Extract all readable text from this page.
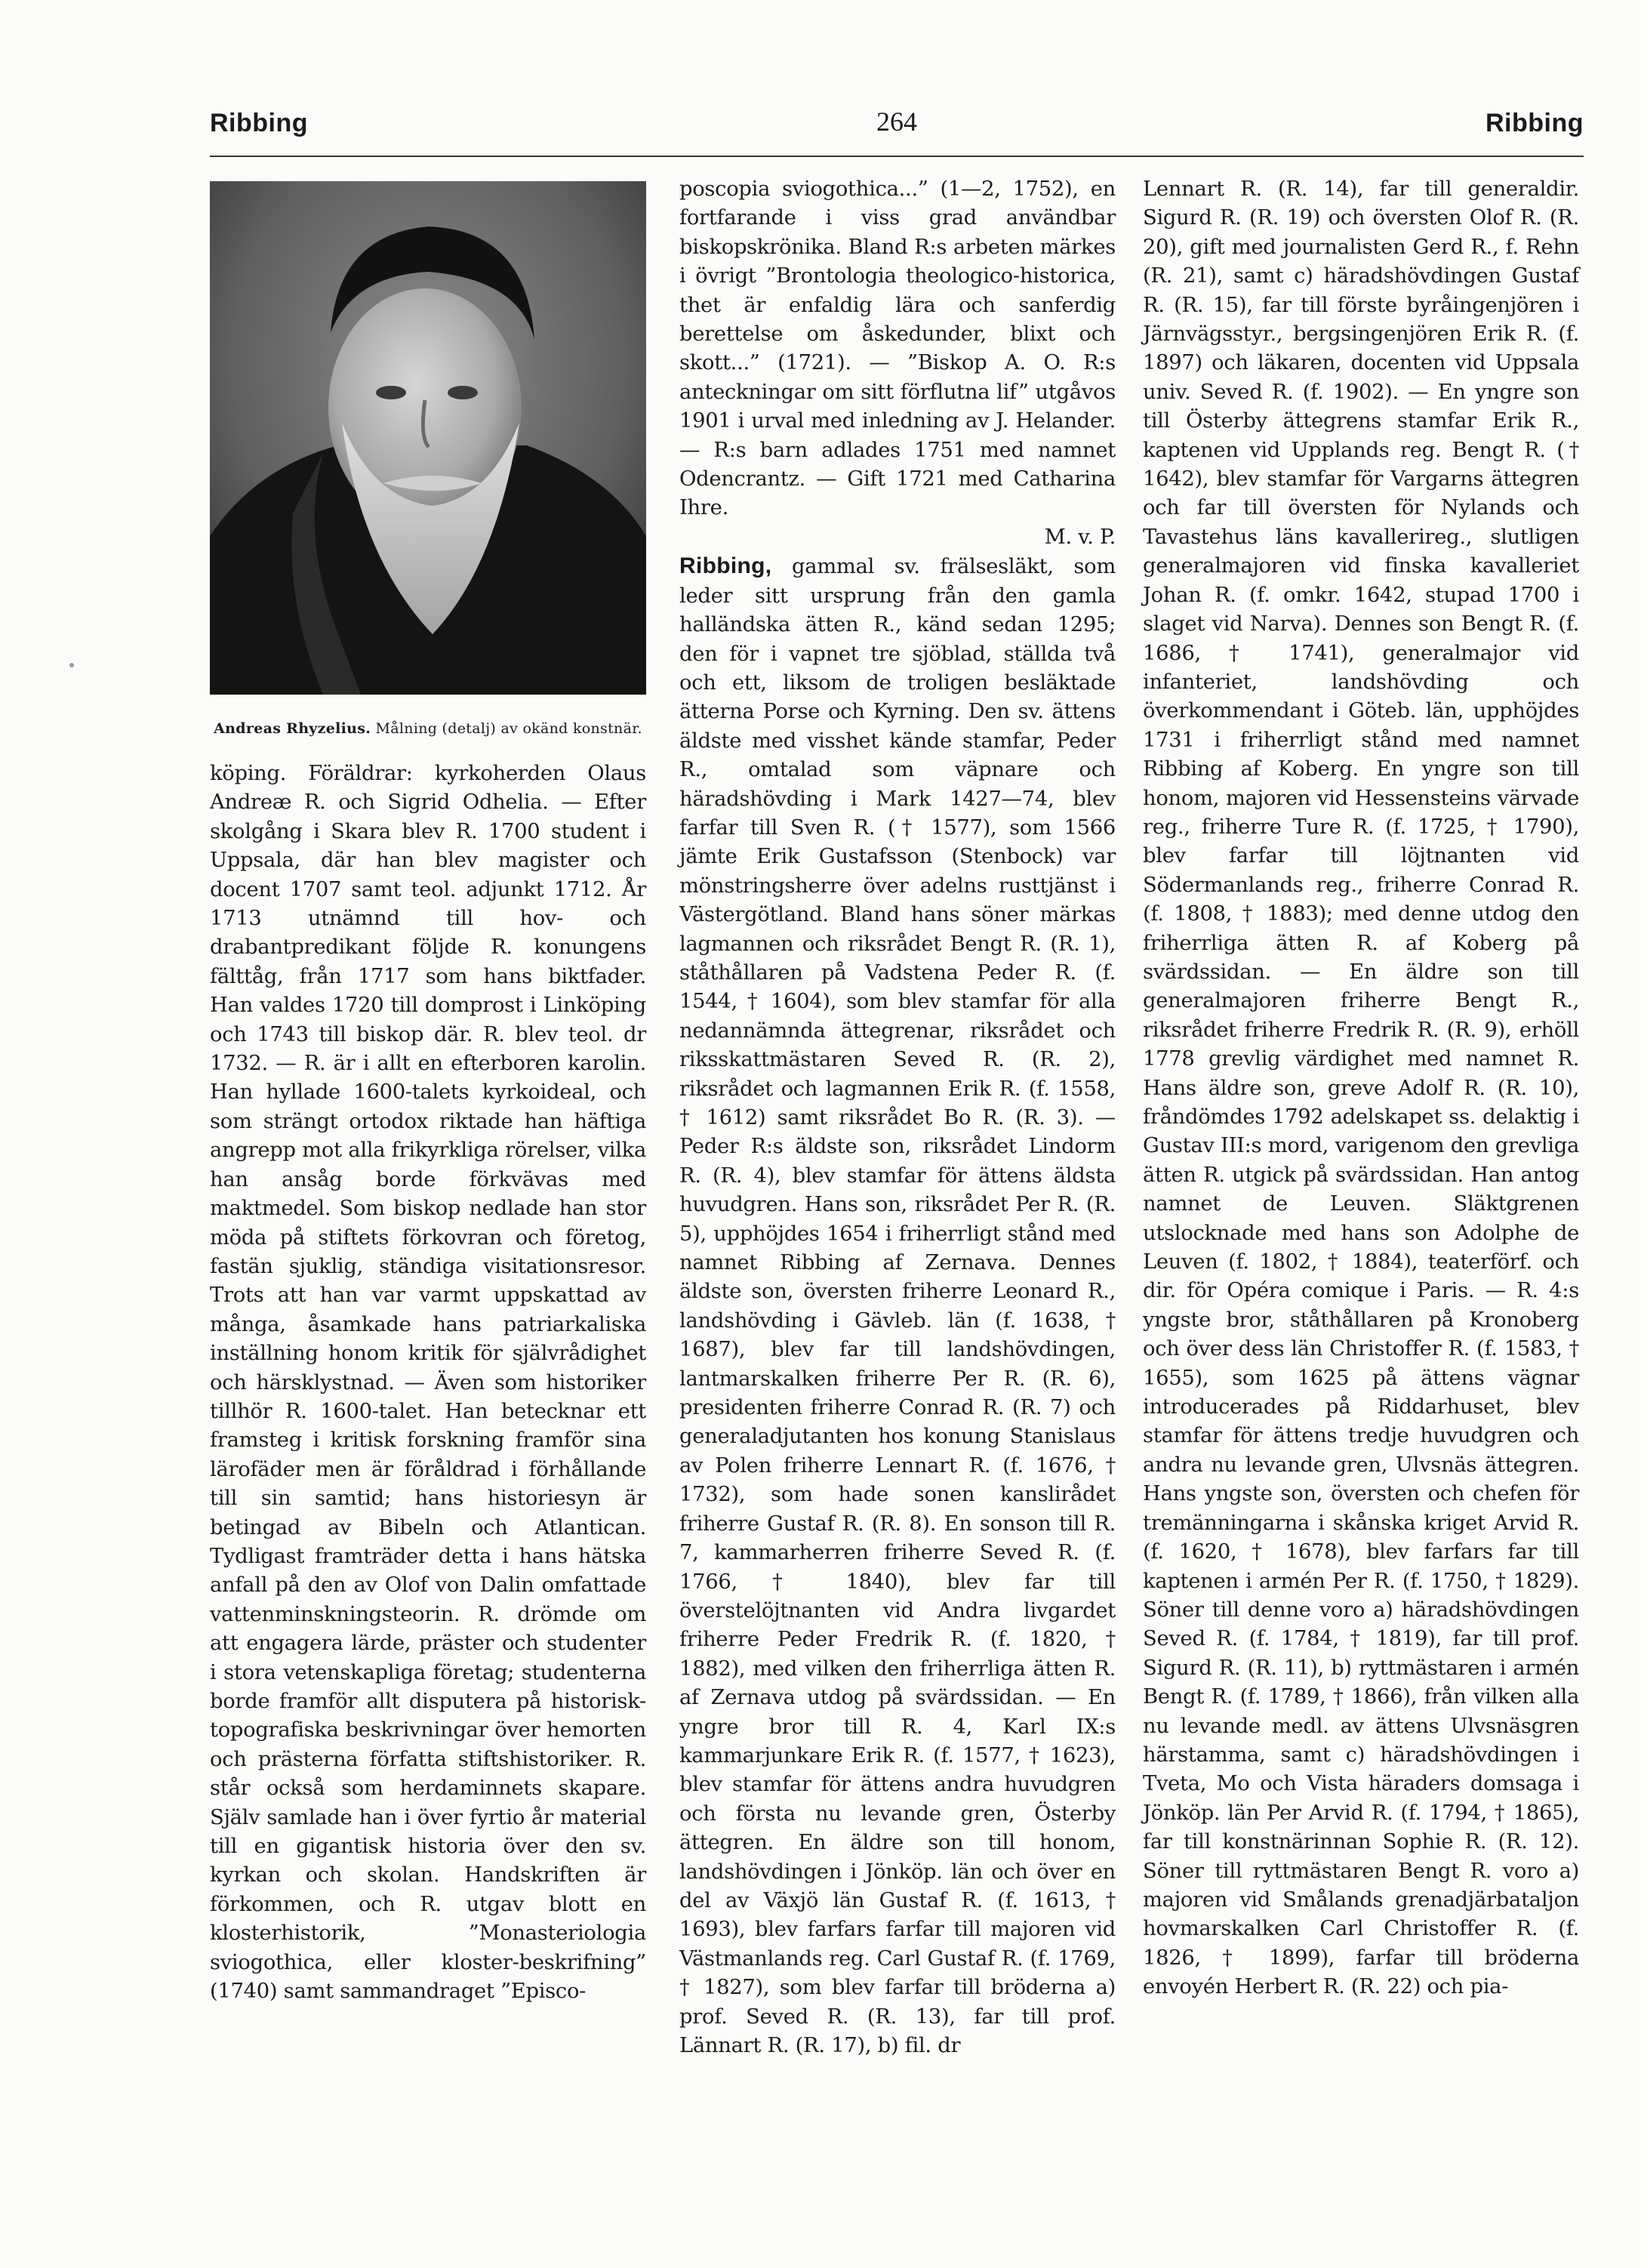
Ribbing	264	Ribbing
Andreas Rhyzelius. Målning (detalj) av okänd konstnär.

köping. Föräldrar: kyrkoherden Olaus Andreæ R. och Sigrid Odhelia. — Efter skolgång i Skara blev R. 1700 student i Uppsala, där han blev magister och docent 1707 samt teol. adjunkt 1712. År 1713 utnämnd till hov- och drabantpredikant följde R. konungens fälttåg, från 1717 som hans biktfader. Han valdes 1720 till domprost i Linköping och 1743 till biskop där. R. blev teol. dr 1732. — R. är i allt en efterboren karolin. Han hyllade 1600-talets kyrkoideal, och som strängt ortodox riktade han häftiga angrepp mot alla frikyrkliga rörelser, vilka han ansåg borde förkvävas med maktmedel. Som biskop nedlade han stor möda på stiftets förkovran och företog, fastän sjuklig, ständiga visitationsresor. Trots att han var varmt uppskattad av många, åsamkade hans patriarkaliska inställning honom kritik för självrådighet och härsklystnad. — Även som historiker tillhör R. 1600-talet. Han betecknar ett framsteg i kritisk forskning framför sina lärofäder men är föråldrad i förhållande till sin samtid; hans historiesyn är betingad av Bibeln och Atlantican. Tydligast framträder detta i hans hätska anfall på den av Olof von Dalin omfattade vattenminskningsteorin. R. drömde om att engagera lärde, präster och studenter i stora vetenskapliga företag; studenterna borde framför allt disputera på historisk-topografiska beskrivningar över hemorten och prästerna författa stiftshistoriker. R. står också som herdaminnets skapare. Själv samlade han i över fyrtio år material till en gigantisk historia över den sv. kyrkan och skolan. Handskriften är förkommen, och R. utgav blott en klosterhistorik, ”Monasteriologia sviogothica, eller kloster-beskrifning” (1740) samt sammandraget ”Episco-

poscopia sviogothica...” (1—2, 1752), en fortfarande i viss grad användbar biskopskrönika. Bland R:s arbeten märkes i övrigt ”Brontologia theologico-historica, thet är enfaldig lära och sanferdig berettelse om åskedunder, blixt och skott...” (1721). — ”Biskop A. O. R:s anteckningar om sitt förflutna lif” utgåvos 1901 i urval med inledning av J. Helander. — R:s barn adlades 1751 med namnet Odencrantz. — Gift 1721 med Catharina Ihre.

M. v. P.

Ribbing, gammal sv. frälsesläkt, som leder sitt ursprung från den gamla halländska ätten R., känd sedan 1295; den för i vapnet tre sjöblad, ställda två och ett, liksom de troligen besläktade ätterna Porse och Kyrning. Den sv. ättens äldste med visshet kände stamfar, Peder R., omtalad som väpnare och häradshövding i Mark 1427—74, blev farfar till Sven R. († 1577), som 1566 jämte Erik Gustafsson (Stenbock) var mönstringsherre över adelns rusttjänst i Västergötland. Bland hans söner märkas lagmannen och riksrådet Bengt R. (R. 1), ståthållaren på Vadstena Peder R. (f. 1544, † 1604), som blev stamfar för alla nedannämnda ättegrenar, riksrådet och riksskattmästaren Seved R. (R. 2), riksrådet och lagmannen Erik R. (f. 1558, † 1612) samt riksrådet Bo R. (R. 3). — Peder R:s äldste son, riksrådet Lindorm R. (R. 4), blev stamfar för ättens äldsta huvudgren. Hans son, riksrådet Per R. (R. 5), upphöjdes 1654 i friherrligt stånd med namnet Ribbing af Zernava. Dennes äldste son, översten friherre Leonard R., landshövding i Gävleb. län (f. 1638, † 1687), blev far till landshövdingen, lantmarskalken friherre Per R. (R. 6), presidenten friherre Conrad R. (R. 7) och generaladjutanten hos konung Stanislaus av Polen friherre Lennart R. (f. 1676, † 1732), som hade sonen kanslirådet friherre Gustaf R. (R. 8). En sonson till R. 7, kammarherren friherre Seved R. (f. 1766, † 1840), blev far till överstelöjtnanten vid Andra livgardet friherre Peder Fredrik R. (f. 1820, † 1882), med vilken den friherrliga ätten R. af Zernava utdog på svärdssidan. — En yngre bror till R. 4, Karl IX:s kammarjunkare Erik R. (f. 1577, † 1623), blev stamfar för ättens andra huvudgren och första nu levande gren, Österby ättegren. En äldre son till honom, landshövdingen i Jönköp. län och över en del av Växjö län Gustaf R. (f. 1613, † 1693), blev farfars farfar till majoren vid Västmanlands reg. Carl Gustaf R. (f. 1769, † 1827), som blev farfar till bröderna a) prof. Seved R. (R. 13), far till prof. Lännart R. (R. 17), b) fil. dr

Lennart R. (R. 14), far till generaldir. Sigurd R. (R. 19) och översten Olof R. (R. 20), gift med journalisten Gerd R., f. Rehn (R. 21), samt c) häradshövdingen Gustaf R. (R. 15), far till förste byråingenjören i Järnvägsstyr., bergsingenjören Erik R. (f. 1897) och läkaren, docenten vid Uppsala univ. Seved R. (f. 1902). — En yngre son till Österby ättegrens stamfar Erik R., kaptenen vid Upplands reg. Bengt R. († 1642), blev stamfar för Vargarns ättegren och far till översten för Nylands och Tavastehus läns kavallerireg., slutligen generalmajoren vid finska kavalleriet Johan R. (f. omkr. 1642, stupad 1700 i slaget vid Narva). Dennes son Bengt R. (f. 1686, † 1741), generalmajor vid infanteriet, landshövding och överkommendant i Göteb. län, upphöjdes 1731 i friherrligt stånd med namnet Ribbing af Koberg. En yngre son till honom, majoren vid Hessensteins värvade reg., friherre Ture R. (f. 1725, † 1790), blev farfar till löjtnanten vid Södermanlands reg., friherre Conrad R. (f. 1808, † 1883); med denne utdog den friherrliga ätten R. af Koberg på svärdssidan. — En äldre son till generalmajoren friherre Bengt R., riksrådet friherre Fredrik R. (R. 9), erhöll 1778 grevlig värdighet med namnet R. Hans äldre son, greve Adolf R. (R. 10), fråndömdes 1792 adelskapet ss. delaktig i Gustav III:s mord, varigenom den grevliga ätten R. utgick på svärdssidan. Han antog namnet de Leuven. Släktgrenen utslocknade med hans son Adolphe de Leuven (f. 1802, † 1884), teaterförf. och dir. för Opéra comique i Paris. — R. 4:s yngste bror, ståthållaren på Kronoberg och över dess län Christoffer R. (f. 1583, † 1655), som 1625 på ättens vägnar introducerades på Riddarhuset, blev stamfar för ättens tredje huvudgren och andra nu levande gren, Ulvsnäs ättegren. Hans yngste son, översten och chefen för tremänningarna i skånska kriget Arvid R. (f. 1620, † 1678), blev farfars far till kaptenen i armén Per R. (f. 1750, † 1829). Söner till denne voro a) häradshövdingen Seved R. (f. 1784, † 1819), far till prof. Sigurd R. (R. 11), b) ryttmästaren i armén Bengt R. (f. 1789, † 1866), från vilken alla nu levande medl. av ättens Ulvsnäsgren härstamma, samt c) häradshövdingen i Tveta, Mo och Vista häraders domsaga i Jönköp. län Per Arvid R. (f. 1794, † 1865), far till konstnärinnan Sophie R. (R. 12). Söner till ryttmästaren Bengt R. voro a) majoren vid Smålands grenadjärbataljon hovmarskalken Carl Christoffer R. (f. 1826, † 1899), farfar till bröderna envoyén Herbert R. (R. 22) och pia-
